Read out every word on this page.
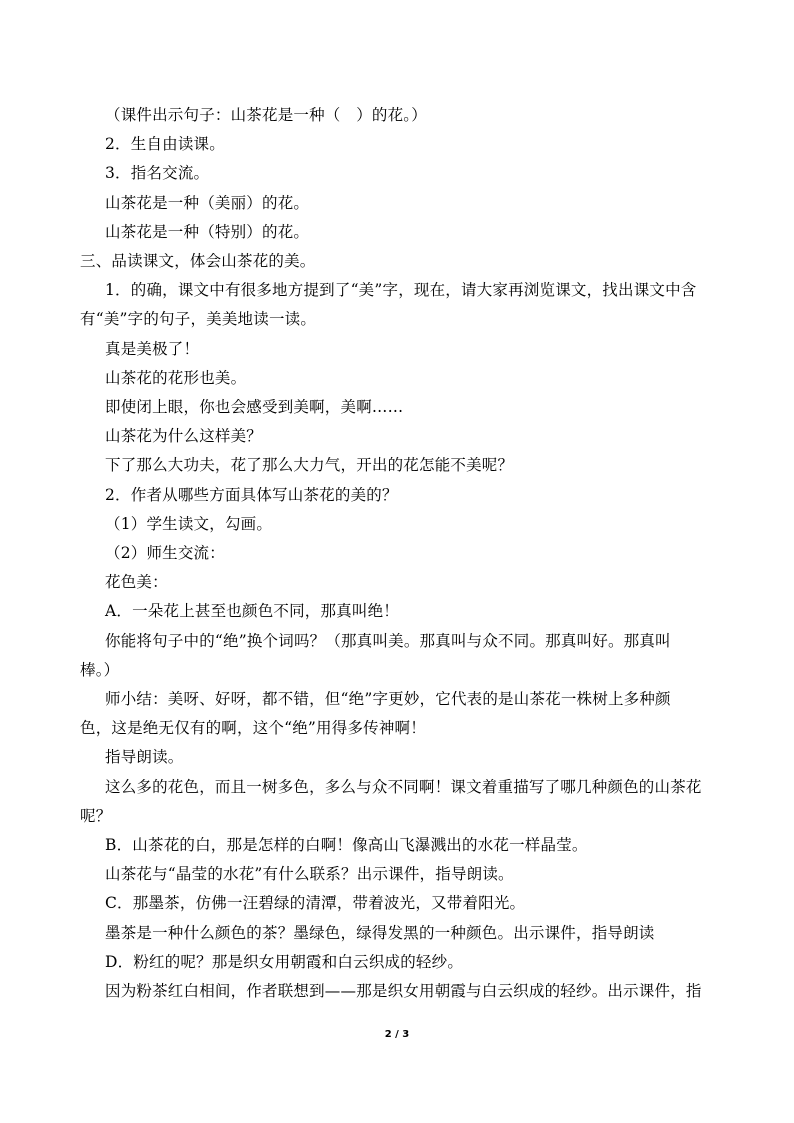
（课件出示句子：山茶花是一种（　）的花。）
2．生自由读课。
3．指名交流。
山茶花是一种（美丽）的花。
山茶花是一种（特别）的花。
三、品读课文，体会山茶花的美。
1．的确，课文中有很多地方提到了“美”字，现在，请大家再浏览课文，找出课文中含
有“美”字的句子，美美地读一读。
真是美极了！
山茶花的花形也美。
即使闭上眼，你也会感受到美啊，美啊……
山茶花为什么这样美？
下了那么大功夫，花了那么大力气，开出的花怎能不美呢？
2．作者从哪些方面具体写山茶花的美的？
（1）学生读文，勾画。
（2）师生交流：
花色美：
A．一朵花上甚至也颜色不同，那真叫绝！
你能将句子中的“绝”换个词吗？（那真叫美。那真叫与众不同。那真叫好。那真叫
棒。）
师小结：美呀、好呀，都不错，但“绝”字更妙，它代表的是山茶花一株树上多种颜
色，这是绝无仅有的啊，这个“绝”用得多传神啊！
指导朗读。
这么多的花色，而且一树多色，多么与众不同啊！课文着重描写了哪几种颜色的山茶花
呢？
B．山茶花的白，那是怎样的白啊！像高山飞瀑溅出的水花一样晶莹。
山茶花与“晶莹的水花”有什么联系？出示课件，指导朗读。
C．那墨茶，仿佛一汪碧绿的清潭，带着波光，又带着阳光。
墨茶是一种什么颜色的茶？墨绿色，绿得发黑的一种颜色。出示课件，指导朗读
D．粉红的呢？那是织女用朝霞和白云织成的轻纱。
因为粉茶红白相间，作者联想到——那是织女用朝霞与白云织成的轻纱。出示课件，指
2 / 3
